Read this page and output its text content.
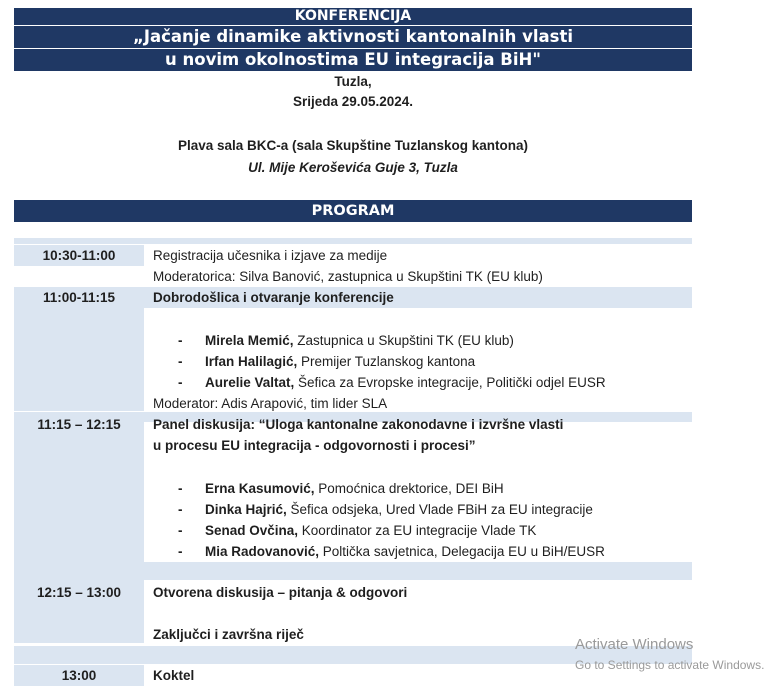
KONFERENCIJA
„Jačanje dinamike aktivnosti kantonalnih vlasti
u novim okolnostima EU integracija BiH"
Tuzla,
Srijeda 29.05.2024.
Plava sala BKC-a (sala Skupštine Tuzlanskog kantona)
Ul. Mije Keroševića Guje 3, Tuzla
PROGRAM
10:30-11:00	Registracija učesnika i izjave za medije
Moderatorica: Silva Banović, zastupnica u Skupštini TK (EU klub)
11:00-11:15	Dobrodošlica i otvaranje konferencije
- Mirela Memić, Zastupnica u Skupštini TK (EU klub)
- Irfan Halilagić, Premijer Tuzlanskog kantona
- Aurelie Valtat, Šefica za Evropske integracije, Politički odjel EUSR
Moderator: Adis Arapović, tim lider SLA
11:15 – 12:15	Panel diskusija: “Uloga kantonalne zakonodavne i izvršne vlasti
u procesu EU integracija - odgovornosti i procesi”
- Erna Kasumović, Pomoćnica drektorice, DEI BiH
- Dinka Hajrić, Šefica odsjeka, Ured Vlade FBiH za EU integracije
- Senad Ovčina, Koordinator za EU integracije Vlade TK
- Mia Radovanović, Poltička savjetnica, Delegacija EU u BiH/EUSR
12:15 – 13:00	Otvorena diskusija – pitanja & odgovori
Zaključci i završna riječ
13:00	Koktel
Activate Windows
Go to Settings to activate Windows.
